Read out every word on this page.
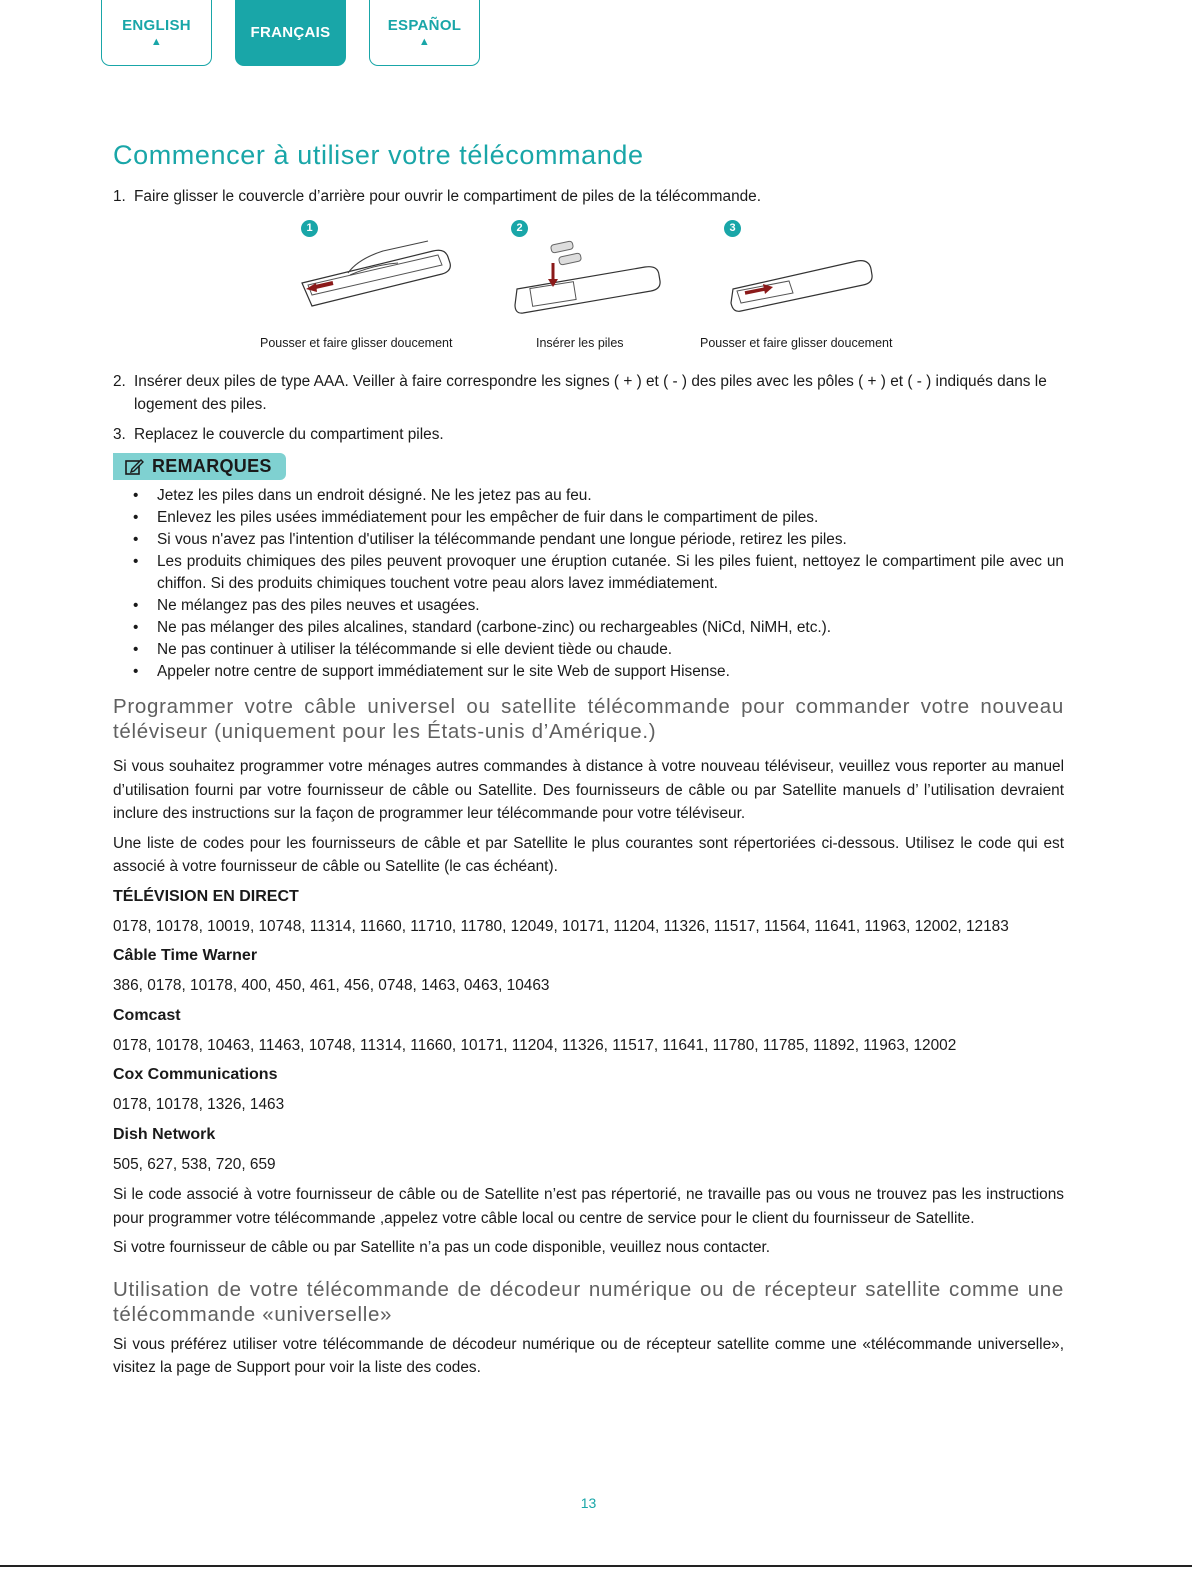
ENGLISH
▲
FRANÇAIS	ESPAÑOL
▲
Commencer à utiliser votre télécommande
1. Faire glisser le couvercle d’arrière pour ouvrir le compartiment de piles de la télécommande.
1
Pousser et faire glisser doucement
2
Insérer les piles
3
Pousser et faire glisser doucement
2. Insérer deux piles de type AAA. Veiller à faire correspondre les signes ( + ) et ( - ) des piles avec les pôles ( + ) et ( - ) indiqués dans le logement des piles.
3. Replacez le couvercle du compartiment piles.
REMARQUES
•	Jetez les piles dans un endroit désigné. Ne les jetez pas au feu.
•	Enlevez les piles usées immédiatement pour les empêcher de fuir dans le compartiment de piles.
•	Si vous n'avez pas l'intention d'utiliser la télécommande pendant une longue période, retirez les piles.
•	Les produits chimiques des piles peuvent provoquer une éruption cutanée. Si les piles fuient, nettoyez le compartiment pile avec un chiffon. Si des produits chimiques touchent votre peau alors lavez immédiatement.
•	Ne mélangez pas des piles neuves et usagées.
•	Ne pas mélanger des piles alcalines, standard (carbone-zinc) ou rechargeables (NiCd, NiMH, etc.).
•	Ne pas continuer à utiliser la télécommande si elle devient tiède ou chaude.
•	Appeler notre centre de support immédiatement sur le site Web de support Hisense.
Programmer votre câble universel ou satellite télécommande pour commander votre nouveau téléviseur (uniquement pour les États-unis d’Amérique.)

Si vous souhaitez programmer votre ménages autres commandes à distance à votre nouveau téléviseur, veuillez vous reporter au manuel d’utilisation fourni par votre fournisseur de câble ou Satellite. Des fournisseurs de câble ou par Satellite manuels d’ l’utilisation devraient inclure des instructions sur la façon de programmer leur télécommande pour votre téléviseur.

Une liste de codes pour les fournisseurs de câble et par Satellite le plus courantes sont répertoriées ci-dessous. Utilisez le code qui est associé à votre fournisseur de câble ou Satellite (le cas échéant).

TÉLÉVISION EN DIRECT

0178, 10178, 10019, 10748, 11314, 11660, 11710, 11780, 12049, 10171, 11204, 11326, 11517, 11564, 11641, 11963, 12002, 12183

Câble Time Warner

386, 0178, 10178, 400, 450, 461, 456, 0748, 1463, 0463, 10463

Comcast

0178, 10178, 10463, 11463, 10748, 11314, 11660, 10171, 11204, 11326, 11517, 11641, 11780, 11785, 11892, 11963, 12002

Cox Communications

0178, 10178, 1326, 1463

Dish Network

505, 627, 538, 720, 659

Si le code associé à votre fournisseur de câble ou de Satellite n’est pas répertorié, ne travaille pas ou vous ne trouvez pas les instructions pour programmer votre télécommande ,appelez votre câble local ou centre de service pour le client du fournisseur de Satellite.

Si votre fournisseur de câble ou par Satellite n’a pas un code disponible, veuillez nous contacter.

Utilisation de votre télécommande de décodeur numérique ou de récepteur satellite comme une télécommande «universelle»

Si vous préférez utiliser votre télécommande de décodeur numérique ou de récepteur satellite comme une «télécommande universelle», visitez la page de Support pour voir la liste des codes.

13
